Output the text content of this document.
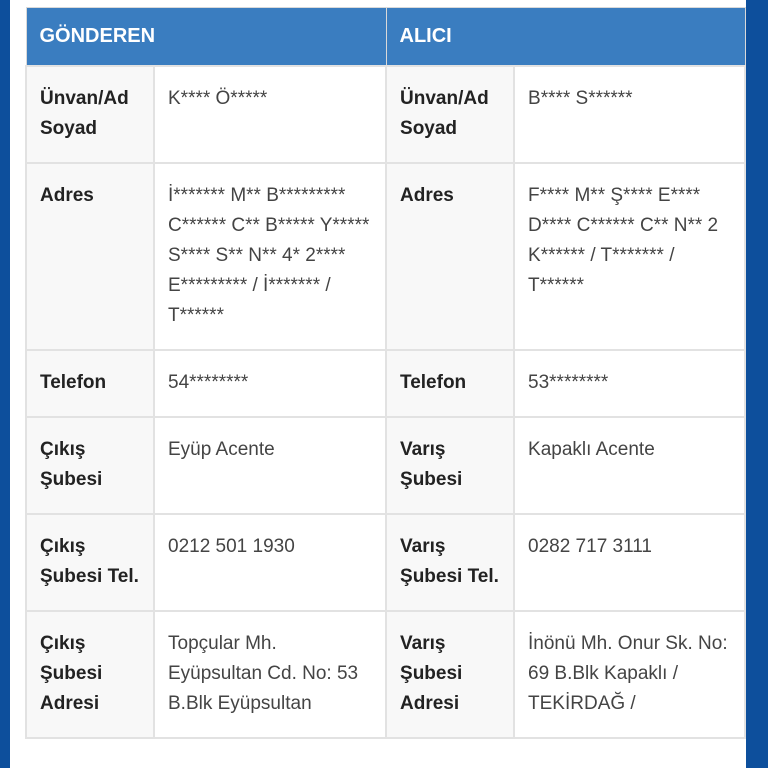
GÖNDEREN		ALICI	
Ünvan/Ad Soyad	K**** Ö*****	Ünvan/Ad Soyad	B**** S******
Adres	İ******* M** B********* C****** C** B***** Y***** S**** S** N** 4* 2**** E********* / İ******* / T******	Adres	F**** M** Ş**** E**** D**** C****** C** N** 2 K****** / T******* / T******
Telefon	54********	Telefon	53********
Çıkış Şubesi	Eyüp Acente	Varış Şubesi	Kapaklı Acente
Çıkış Şubesi Tel.	0212 501 1930	Varış Şubesi Tel.	0282 717 3111
Çıkış Şubesi Adresi	Topçular Mh. Eyüpsultan Cd. No: 53 B.Blk Eyüpsultan	Varış Şubesi Adresi	İnönü Mh. Onur Sk. No: 69 B.Blk Kapaklı / TEKİRDAĞ /
